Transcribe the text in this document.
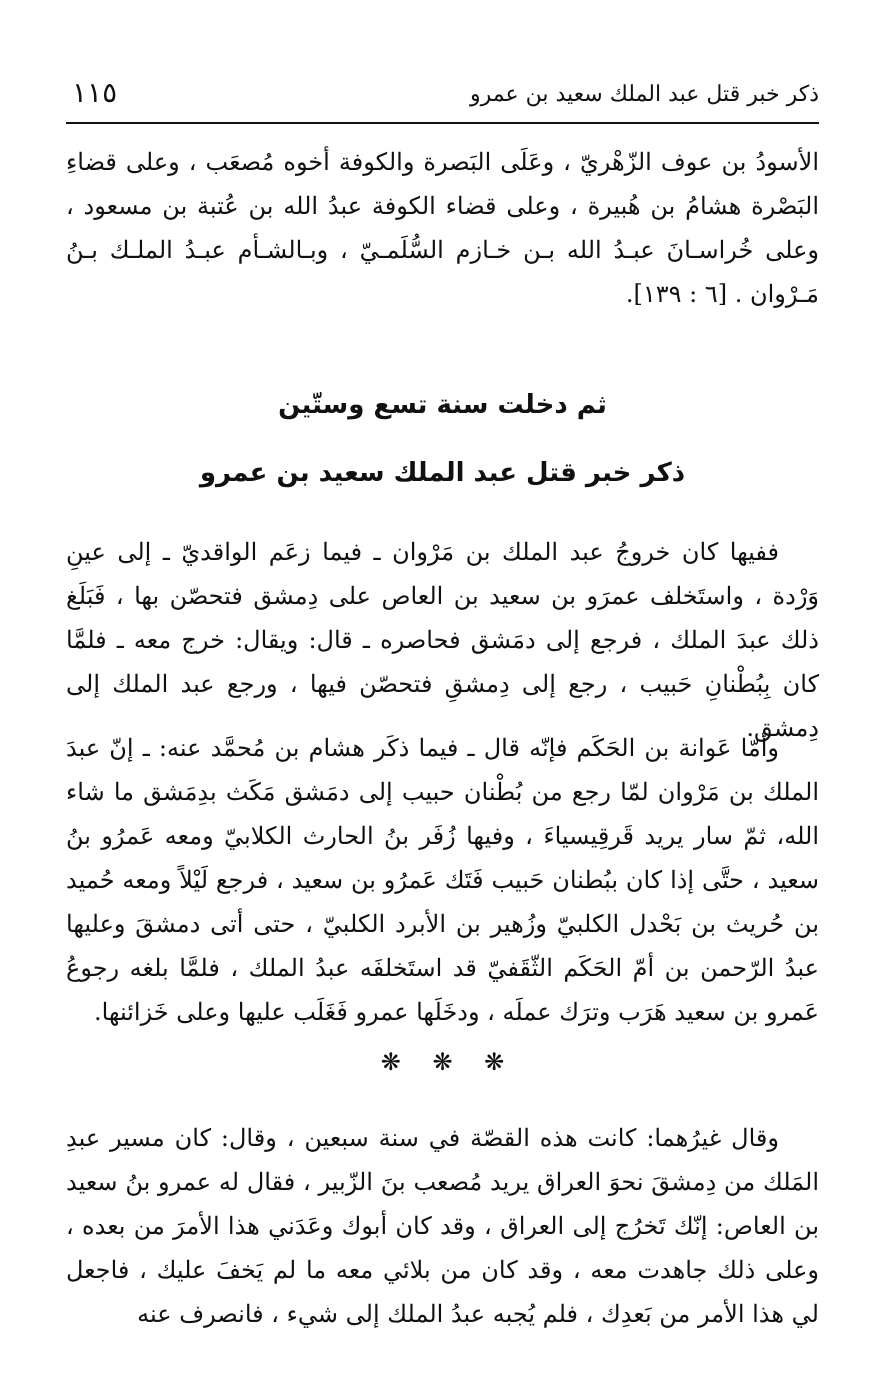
ذكر خبر قتل عبد الملك سعيد بن عمرو
١١٥

الأسودُ بن عوف الزّهْريّ ، وعَلَى البَصرة والكوفة أخوه مُصعَب ، وعلى قضاءِ البَصْرة هشامُ بن هُبيرة ، وعلى قضاء الكوفة عبدُ الله بن عُتبة بن مسعود ، وعلى خُراسـانَ عبـدُ الله بـن خـازم السُّلَمـيّ ، وبـالشـأم عبـدُ الملـك بـنُ مَـرْوان . [٦ : ١٣٩].

ثم دخلت سنة تسع وستّين
ذكر خبر قتل عبد الملك سعيد بن عمرو

ففيها كان خروجُ عبد الملك بن مَرْوان ـ فيما زعَم الواقديّ ـ إلى عينِ وَرْدة ، واستَخلف عمرَو بن سعيد بن العاص على دِمشق فتحصّن بها ، فَبَلَغ ذلك عبدَ الملك ، فرجع إلى دمَشق فحاصره ـ قال: ويقال: خرج معه ـ فلمَّا كان بِبُطْنانِ حَبيب ، رجع إلى دِمشقِ فتحصّن فيها ، ورجع عبد الملك إلى دِمشق.

وأمّا عَوانة بن الحَكَم فإنّه قال ـ فيما ذكَر هشام بن مُحمَّد عنه: ـ إنّ عبدَ الملك بن مَرْوان لمّا رجع من بُطْنان حبيب إلى دمَشق مَكَث بدِمَشق ما شاء الله، ثمّ سار يريد قَرقِيسياءَ ، وفيها زُفَر بنُ الحارث الكلابيّ ومعه عَمرُو بنُ سعيد ، حتَّى إذا كان ببُطنان حَبيب فَتَك عَمرُو بن سعيد ، فرجع لَيْلاً ومعه حُميد بن حُريث بن بَحْدل الكلبيّ وزُهير بن الأبرد الكلبيّ ، حتى أتى دمشقَ وعليها عبدُ الرّحمن بن أمّ الحَكَم الثّقَفيّ قد استَخلفَه عبدُ الملك ، فلمَّا بلغه رجوعُ عَمرو بن سعيد هَرَب وترَك عملَه ، ودخَلَها عمرو فَغَلَب عليها وعلى خَزائنها.

❋ ❋ ❋

وقال غيرُهما: كانت هذه القصّة في سنة سبعين ، وقال: كان مسير عبدِ المَلك من دِمشقَ نحوَ العراق يريد مُصعب بنَ الزّبير ، فقال له عمرو بنُ سعيد بن العاص: إنّك تَخرُج إلى العراق ، وقد كان أبوك وعَدَني هذا الأمرَ من بعده ، وعلى ذلك جاهدت معه ، وقد كان من بلائي معه ما لم يَخفَ عليك ، فاجعل لي هذا الأمر من بَعدِك ، فلم يُجبه عبدُ الملك إلى شيء ، فانصرف عنه
